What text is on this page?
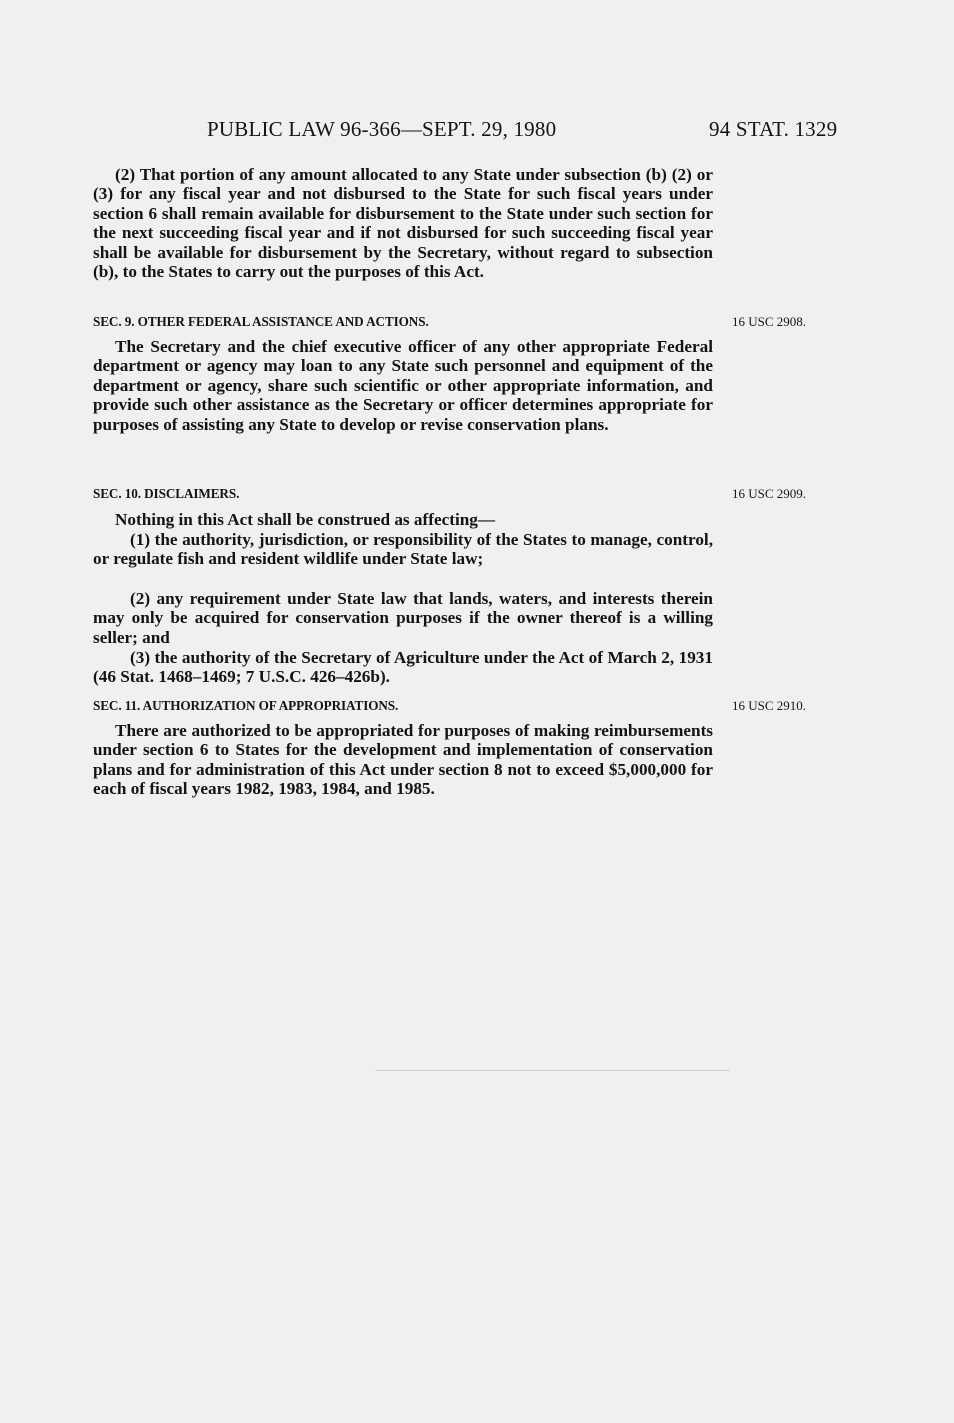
PUBLIC LAW 96-366—SEPT. 29, 1980	94 STAT. 1329

(2) That portion of any amount allocated to any State under subsection (b) (2) or (3) for any fiscal year and not disbursed to the State for such fiscal years under section 6 shall remain available for disbursement to the State under such section for the next succeeding fiscal year and if not disbursed for such succeeding fiscal year shall be available for disbursement by the Secretary, without regard to subsection (b), to the States to carry out the purposes of this Act.

SEC. 9. OTHER FEDERAL ASSISTANCE AND ACTIONS.	16 USC 2908.

The Secretary and the chief executive officer of any other appropriate Federal department or agency may loan to any State such personnel and equipment of the department or agency, share such scientific or other appropriate information, and provide such other assistance as the Secretary or officer determines appropriate for purposes of assisting any State to develop or revise conservation plans.

SEC. 10. DISCLAIMERS.	16 USC 2909.

Nothing in this Act shall be construed as affecting—

(1) the authority, jurisdiction, or responsibility of the States to manage, control, or regulate fish and resident wildlife under State law;

(2) any requirement under State law that lands, waters, and interests therein may only be acquired for conservation purposes if the owner thereof is a willing seller; and

(3) the authority of the Secretary of Agriculture under the Act of March 2, 1931 (46 Stat. 1468–1469; 7 U.S.C. 426–426b).

SEC. 11. AUTHORIZATION OF APPROPRIATIONS.	16 USC 2910.

There are authorized to be appropriated for purposes of making reimbursements under section 6 to States for the development and implementation of conservation plans and for administration of this Act under section 8 not to exceed $5,000,000 for each of fiscal years 1982, 1983, 1984, and 1985.
